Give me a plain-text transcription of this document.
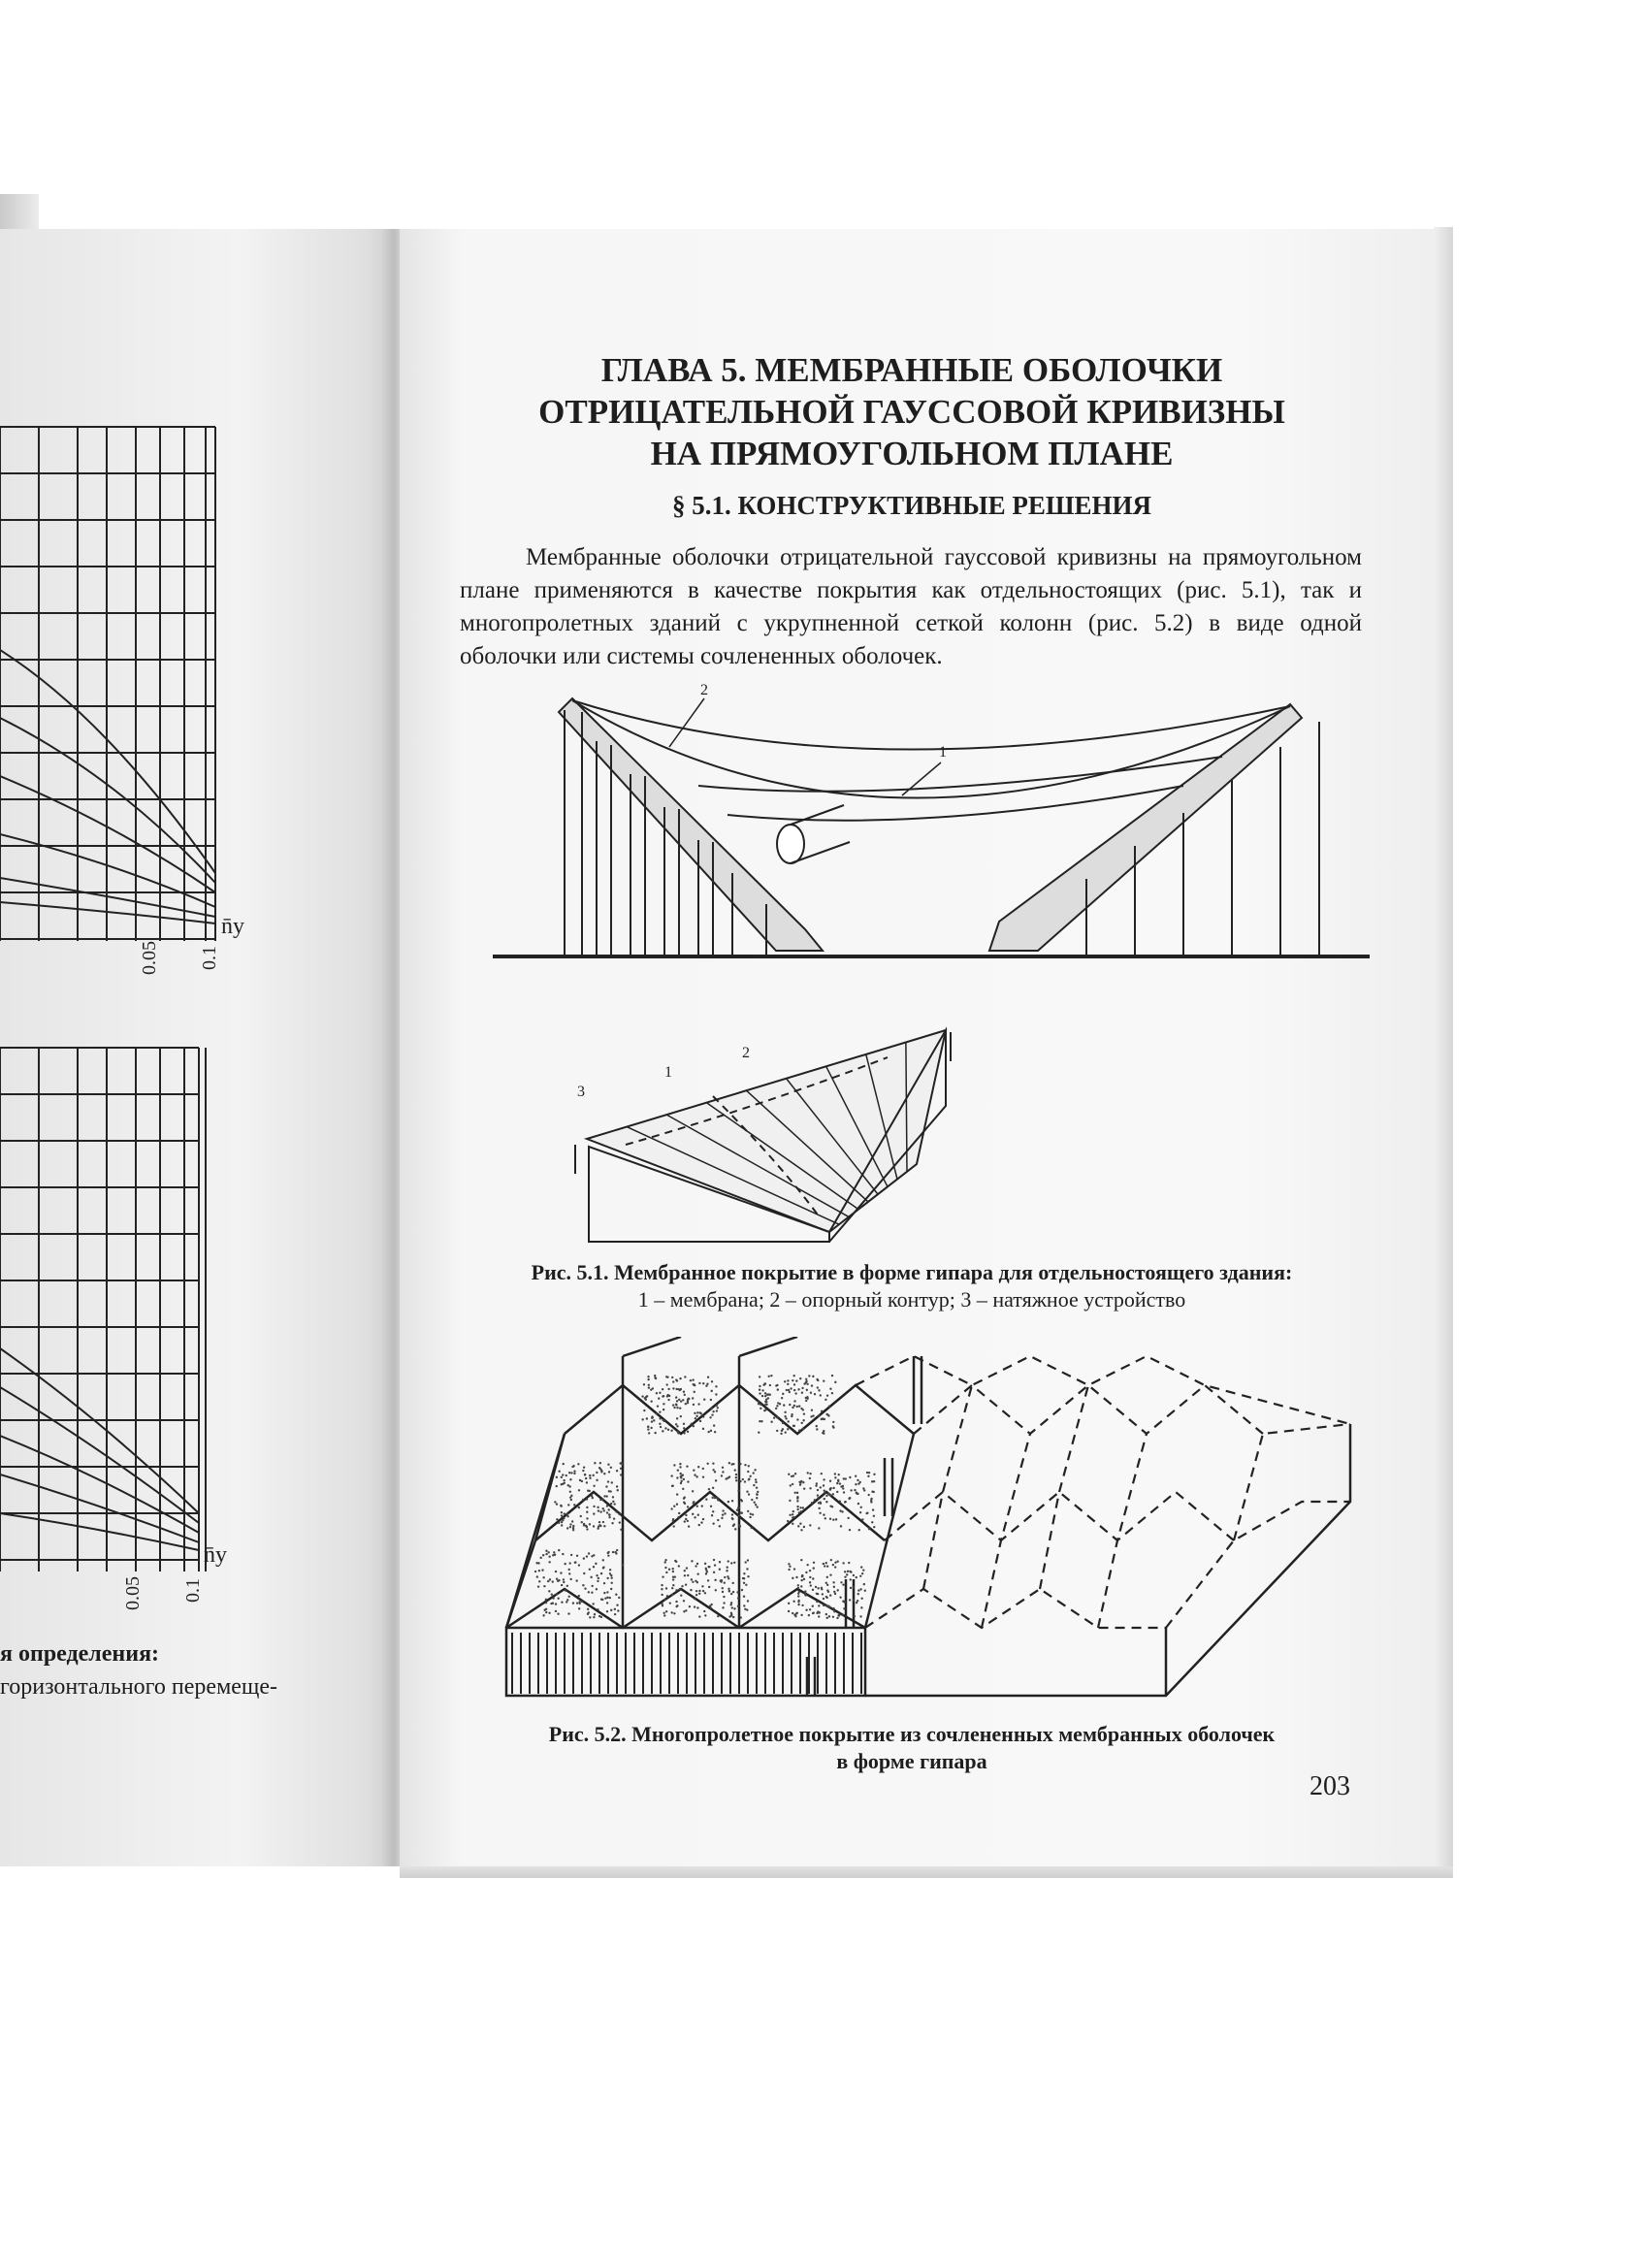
0.05 0.1
n̄y
0.05 0.1
n̄y
я определения:
горизонтального перемеще-
ГЛАВА 5. МЕМБРАННЫЕ ОБОЛОЧКИ
ОТРИЦАТЕЛЬНОЙ ГАУССОВОЙ КРИВИЗНЫ
НА ПРЯМОУГОЛЬНОМ ПЛАНЕ
§ 5.1. КОНСТРУКТИВНЫЕ РЕШЕНИЯ

Мембранные оболочки отрицательной гауссовой кривизны на прямоугольном плане применяются в качестве покрытия как отдельностоящих (рис. 5.1), так и многопролетных зданий с укрупненной сеткой колонн (рис. 5.2) в виде одной оболочки или системы сочлененных оболочек.

2
1
3
1
2
Рис. 5.1. Мембранное покрытие в форме гипара для отдельностоящего здания:
1 – мембрана; 2 – опорный контур; 3 – натяжное устройство
Рис. 5.2. Многопролетное покрытие из сочлененных мембранных оболочек
в форме гипара
203
